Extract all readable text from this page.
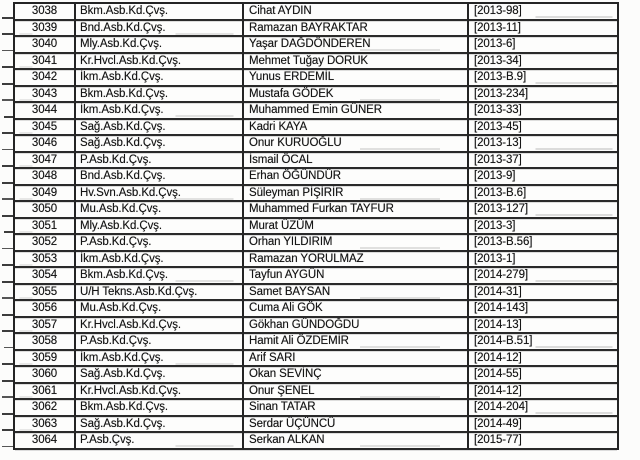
3038	Bkm.Asb.Kd.Çvş.	Cihat AYDIN	[2013-98]
3039	Bnd.Asb.Kd.Çvş.	Ramazan BAYRAKTAR	[2013-11]
3040	Mly.Asb.Kd.Çvş.	Yaşar DAĞDÖNDEREN	[2013-6]
3041	Kr.Hvcl.Asb.Kd.Çvş.	Mehmet Tuğay DORUK	[2013-34]
3042	İkm.Asb.Kd.Çvş.	Yunus ERDEMİL	[2013-B.9]
3043	Bkm.Asb.Kd.Çvş.	Mustafa GÖDEK	[2013-234]
3044	İkm.Asb.Kd.Çvş.	Muhammed Emin GÜNER	[2013-33]
3045	Sağ.Asb.Kd.Çvş.	Kadri KAYA	[2013-45]
3046	Sağ.Asb.Kd.Çvş.	Onur KURUOĞLU	[2013-13]
3047	P.Asb.Kd.Çvş.	İsmail ÖCAL	[2013-37]
3048	Bnd.Asb.Kd.Çvş.	Erhan ÖĞÜNDÜR	[2013-9]
3049	Hv.Svn.Asb.Kd.Çvş.	Süleyman PİŞİRİR	[2013-B.6]
3050	Mu.Asb.Kd.Çvş.	Muhammed Furkan TAYFUR	[2013-127]
3051	Mly.Asb.Kd.Çvş.	Murat ÜZÜM	[2013-3]
3052	P.Asb.Kd.Çvş.	Orhan YILDIRIM	[2013-B.56]
3053	İkm.Asb.Kd.Çvş.	Ramazan YORULMAZ	[2013-1]
3054	Bkm.Asb.Kd.Çvş.	Tayfun AYGÜN	[2014-279]
3055	U/H Tekns.Asb.Kd.Çvş.	Samet BAYSAN	[2014-31]
3056	Mu.Asb.Kd.Çvş.	Cuma Ali GÖK	[2014-143]
3057	Kr.Hvcl.Asb.Kd.Çvş.	Gökhan GÜNDOĞDU	[2014-13]
3058	P.Asb.Kd.Çvş.	Hamit Ali ÖZDEMİR	[2014-B.51]
3059	İkm.Asb.Kd.Çvş.	Arif SARI	[2014-12]
3060	Sağ.Asb.Kd.Çvş.	Okan SEVİNÇ	[2014-55]
3061	Kr.Hvcl.Asb.Kd.Çvş.	Onur ŞENEL	[2014-12]
3062	Bkm.Asb.Kd.Çvş.	Sinan TATAR	[2014-204]
3063	Sağ.Asb.Kd.Çvş.	Serdar ÜÇÜNCÜ	[2014-49]
3064	P.Asb.Çvş.	Serkan ALKAN	[2015-77]
